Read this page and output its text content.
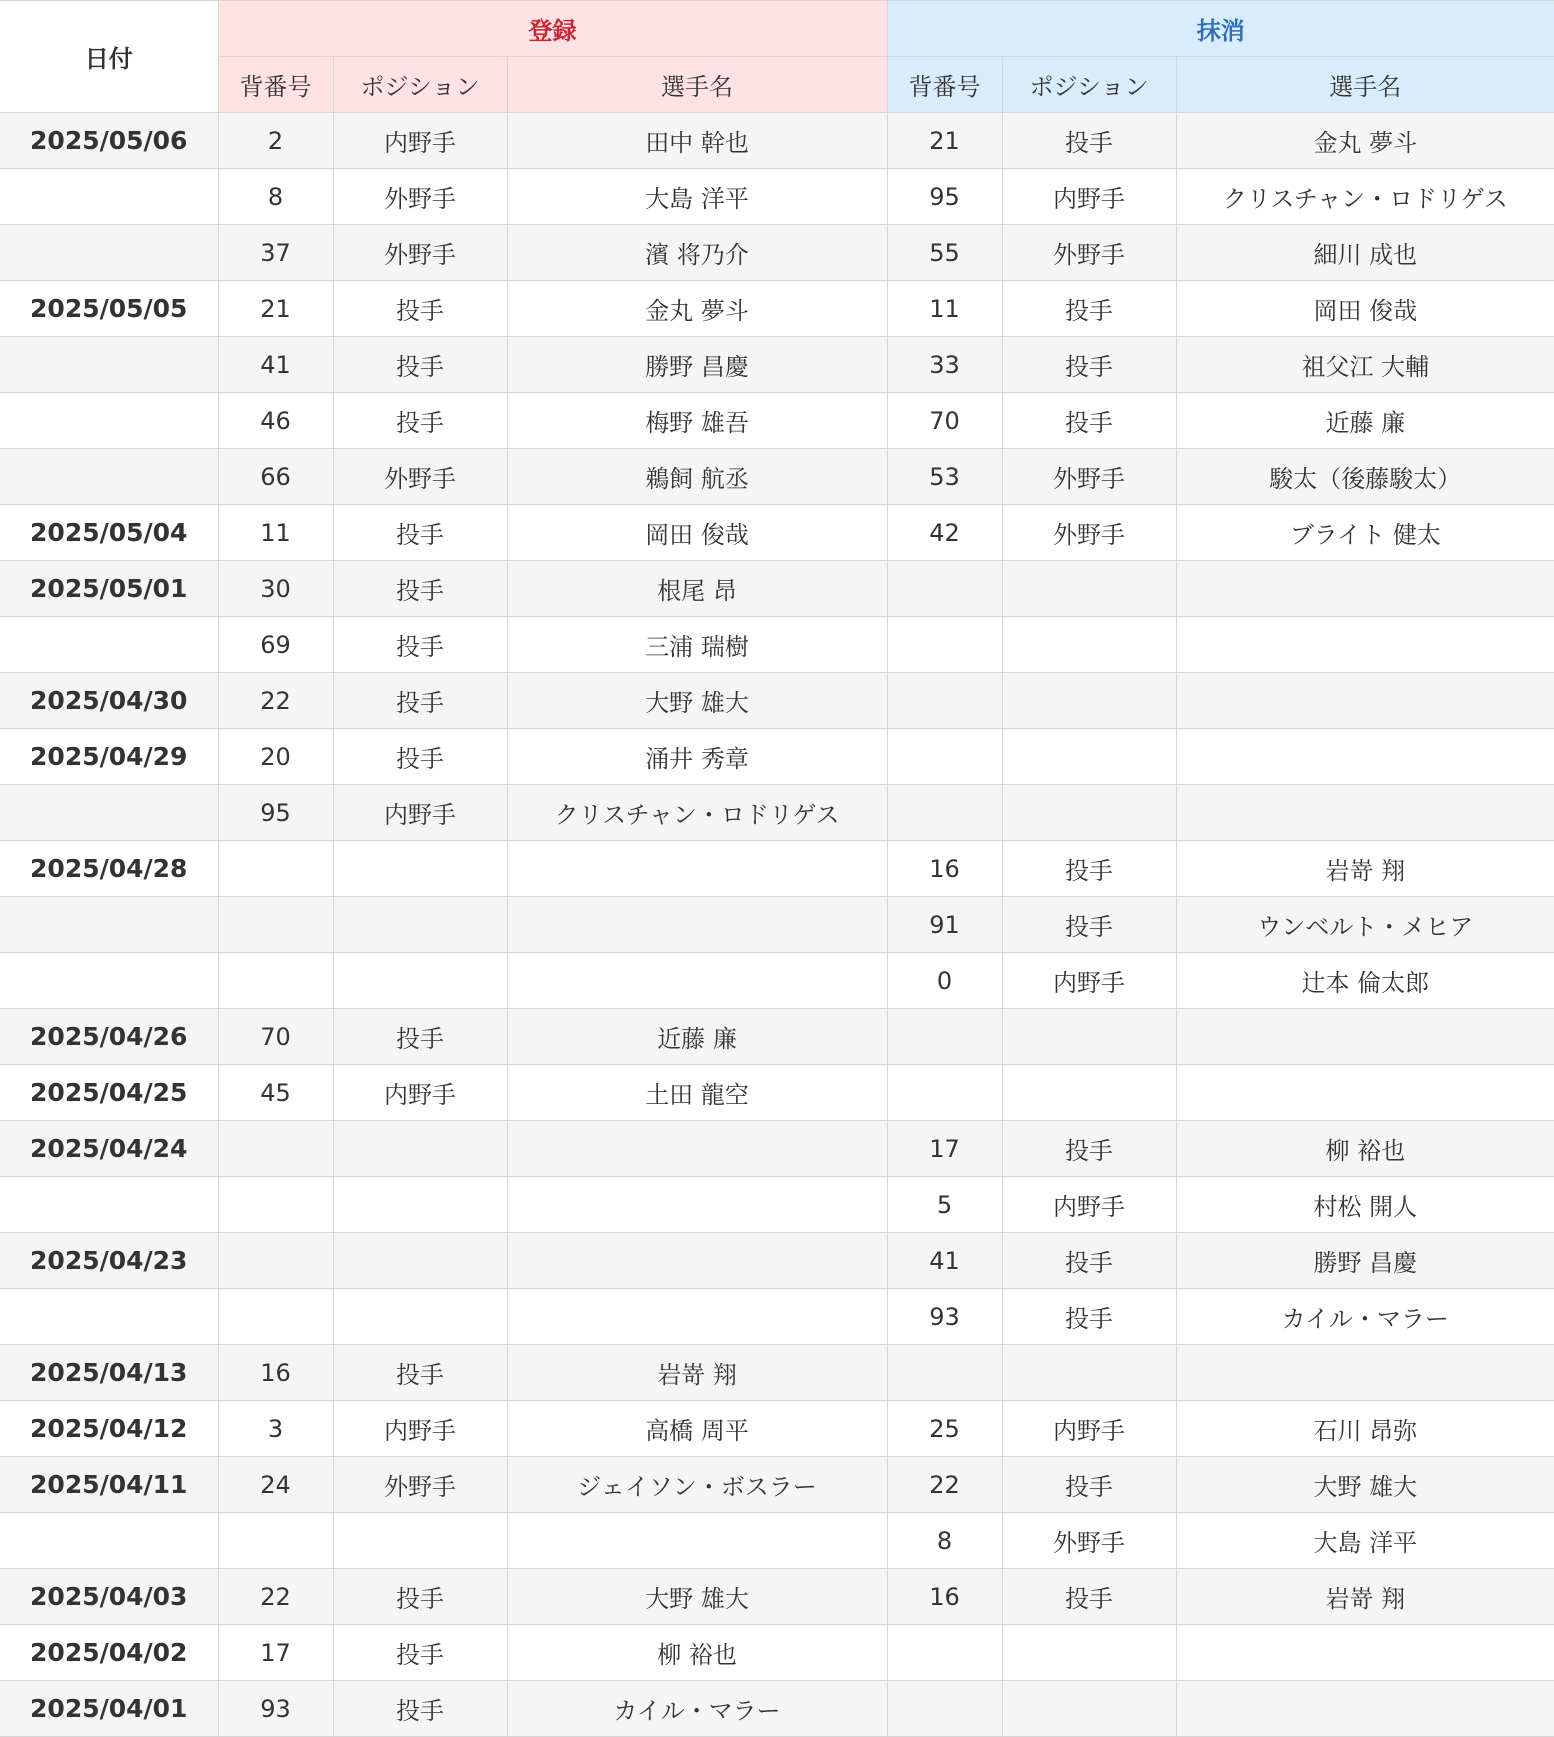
日付	登録			抹消		
	背番号	ポジション	選手名	背番号	ポジション	選手名
2025/05/06	2	内野手	田中 幹也	21	投手	金丸 夢斗
	8	外野手	大島 洋平	95	内野手	クリスチャン・ロドリゲス
	37	外野手	濱 将乃介	55	外野手	細川 成也
2025/05/05	21	投手	金丸 夢斗	11	投手	岡田 俊哉
	41	投手	勝野 昌慶	33	投手	祖父江 大輔
	46	投手	梅野 雄吾	70	投手	近藤 廉
	66	外野手	鵜飼 航丞	53	外野手	駿太（後藤駿太）
2025/05/04	11	投手	岡田 俊哉	42	外野手	ブライト 健太
2025/05/01	30	投手	根尾 昂			
	69	投手	三浦 瑞樹			
2025/04/30	22	投手	大野 雄大			
2025/04/29	20	投手	涌井 秀章			
	95	内野手	クリスチャン・ロドリゲス			
2025/04/28				16	投手	岩嵜 翔
				91	投手	ウンベルト・メヒア
				0	内野手	辻本 倫太郎
2025/04/26	70	投手	近藤 廉			
2025/04/25	45	内野手	土田 龍空			
2025/04/24				17	投手	柳 裕也
				5	内野手	村松 開人
2025/04/23				41	投手	勝野 昌慶
				93	投手	カイル・マラー
2025/04/13	16	投手	岩嵜 翔			
2025/04/12	3	内野手	高橋 周平	25	内野手	石川 昂弥
2025/04/11	24	外野手	ジェイソン・ボスラー	22	投手	大野 雄大
				8	外野手	大島 洋平
2025/04/03	22	投手	大野 雄大	16	投手	岩嵜 翔
2025/04/02	17	投手	柳 裕也			
2025/04/01	93	投手	カイル・マラー			
